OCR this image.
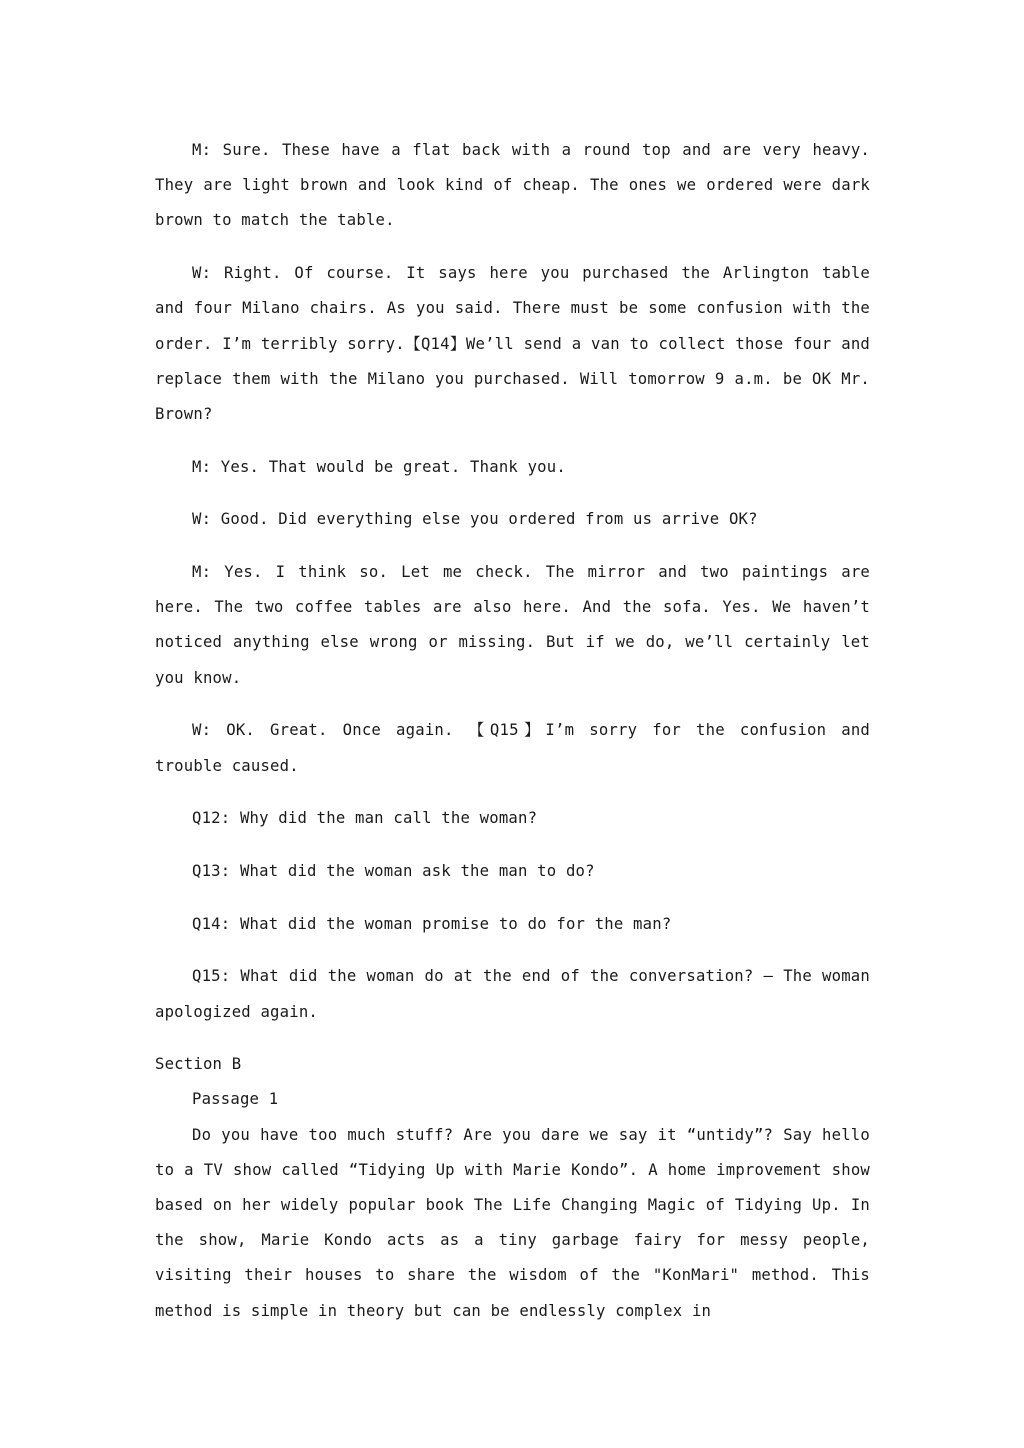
M: Sure. These have a flat back with a round top and are very heavy. They are light brown and look kind of cheap. The ones we ordered were dark brown to match the table.

W: Right. Of course. It says here you purchased the Arlington table and four Milano chairs. As you said. There must be some confusion with the order. I’m terribly sorry.【Q14】We’ll send a van to collect those four and replace them with the Milano you purchased. Will tomorrow 9 a.m. be OK Mr. Brown?

M: Yes. That would be great. Thank you.

W: Good. Did everything else you ordered from us arrive OK?

M: Yes. I think so. Let me check. The mirror and two paintings are here. The two coffee tables are also here. And the sofa. Yes. We haven’t noticed anything else wrong or missing. But if we do, we’ll certainly let you know.

W: OK. Great. Once again. 【Q15】I’m sorry for the confusion and trouble caused.

Q12: Why did the man call the woman?

Q13: What did the woman ask the man to do?

Q14: What did the woman promise to do for the man?

Q15: What did the woman do at the end of the conversation? – The woman apologized again.

Section B

Passage 1

Do you have too much stuff? Are you dare we say it “untidy”? Say hello to a TV show called “Tidying Up with Marie Kondo”. A home improvement show based on her widely popular book The Life Changing Magic of Tidying Up. In the show, Marie Kondo acts as a tiny garbage fairy for messy people, visiting their houses to share the wisdom of the "KonMari" method. This method is simple in theory but can be endlessly complex in
